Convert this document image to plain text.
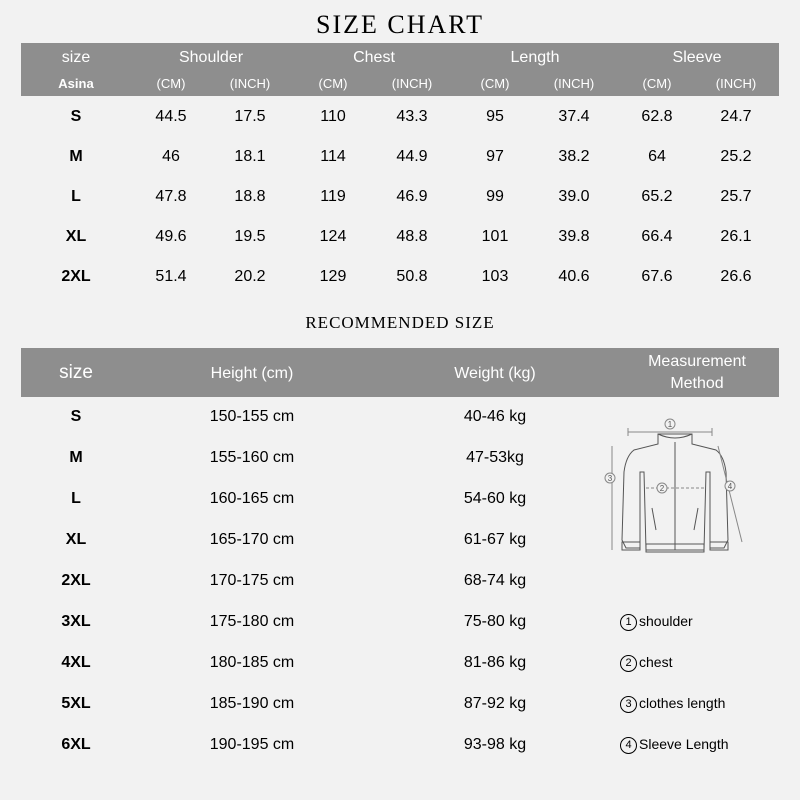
SIZE CHART
size
Asina
Shoulder	Chest	Length	Sleeve
(CM)	(INCH)	(CM)	(INCH)	(CM)	(INCH)	(CM)	(INCH)
S	44.5	17.5	110	43.3	95	37.4	62.8	24.7
M	46	18.1	114	44.9	97	38.2	64	25.2
L	47.8	18.8	119	46.9	99	39.0	65.2	25.7
XL	49.6	19.5	124	48.8	101	39.8	66.4	26.1
2XL	51.4	20.2	129	50.8	103	40.6	67.6	26.6
RECOMMENDED SIZE
size	Height (cm)	Weight (kg)
Measurement
Method
S	150-155 cm	40-46 kg
M	155-160 cm	47-53kg
L	160-165 cm	54-60 kg
XL	165-170 cm	61-67 kg
2XL	170-175 cm	68-74 kg
3XL	175-180 cm	75-80 kg
4XL	180-185 cm	81-86 kg
5XL	185-190 cm	87-92 kg
6XL	190-195 cm	93-98 kg
1
2
3
4
1 shoulder
2 chest
3 clothes length
4 Sleeve Length
